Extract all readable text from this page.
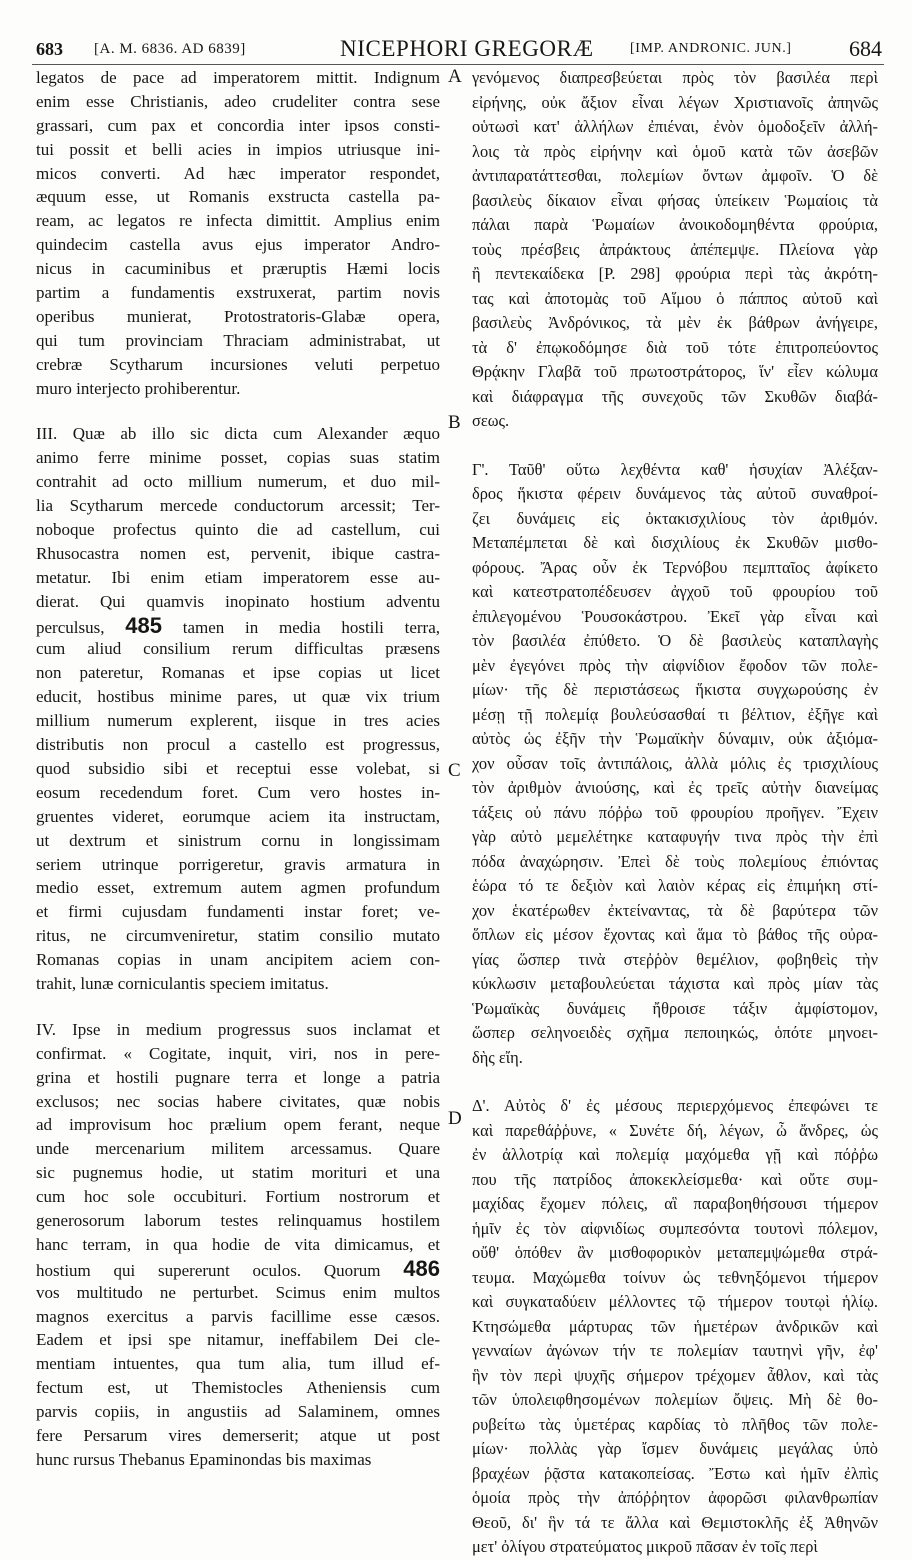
683 [A. M. 6836. AD 6839]	NICEPHORI GREGORÆ	[IMP. ANDRONIC. JUN.]	684
A
B
C
D
legatos de pace ad imperatorem mittit. Indignum
enim esse Christianis, adeo crudeliter contra sese
grassari, cum pax et concordia inter ipsos consti-
tui possit et belli acies in impios utriusque ini-
micos converti. Ad hæc imperator respondet,
æquum esse, ut Romanis exstructa castella pa-
ream, ac legatos re infecta dimittit. Amplius enim
quindecim castella avus ejus imperator Andro-
nicus in cacuminibus et præruptis Hæmi locis
partim a fundamentis exstruxerat, partim novis
operibus munierat, Protostratoris-Glabæ opera,
qui tum provinciam Thraciam administrabat, ut
crebræ Scytharum incursiones veluti perpetuo
muro interjecto prohiberentur.
III. Quæ ab illo sic dicta cum Alexander æquo
animo ferre minime posset, copias suas statim
contrahit ad octo millium numerum, et duo mil-
lia Scytharum mercede conductorum arcessit; Ter-
noboque profectus quinto die ad castellum, cui
Rhusocastra nomen est, pervenit, ibique castra-
metatur. Ibi enim etiam imperatorem esse au-
dierat. Qui quamvis inopinato hostium adventu
perculsus, 485 tamen in media hostili terra,
cum aliud consilium rerum difficultas præsens
non pateretur, Romanas et ipse copias ut licet
educit, hostibus minime pares, ut quæ vix trium
millium numerum explerent, iisque in tres acies
distributis non procul a castello est progressus,
quod subsidio sibi et receptui esse volebat, si
eosum recedendum foret. Cum vero hostes in-
gruentes videret, eorumque aciem ita instructam,
ut dextrum et sinistrum cornu in longissimam
seriem utrinque porrigeretur, gravis armatura in
medio esset, extremum autem agmen profundum
et firmi cujusdam fundamenti instar foret; ve-
ritus, ne circumveniretur, statim consilio mutato
Romanas copias in unam ancipitem aciem con-
trahit, lunæ corniculantis speciem imitatus.
IV. Ipse in medium progressus suos inclamat et
confirmat. « Cogitate, inquit, viri, nos in pere-
grina et hostili pugnare terra et longe a patria
exclusos; nec socias habere civitates, quæ nobis
ad improvisum hoc prælium opem ferant, neque
unde mercenarium militem arcessamus. Quare
sic pugnemus hodie, ut statim morituri et una
cum hoc sole occubituri. Fortium nostrorum et
generosorum laborum testes relinquamus hostilem
hanc terram, in qua hodie de vita dimicamus, et
hostium qui supererunt oculos. Quorum 486
vos multitudo ne perturbet. Scimus enim multos
magnos exercitus a parvis facillime esse cæsos.
Eadem et ipsi spe nitamur, ineffabilem Dei cle-
mentiam intuentes, qua tum alia, tum illud ef-
fectum est, ut Themistocles Atheniensis cum
parvis copiis, in angustiis ad Salaminem, omnes
fere Persarum vires demerserit; atque ut post
hunc rursus Thebanus Epaminondas bis maximas
γενόμενος διαπρεσβεύεται πρὸς τὸν βασιλέα περὶ
εἰρήνης, οὐκ ἄξιον εἶναι λέγων Χριστιανοῖς ἀπηνῶς
οὑτωσὶ κατ' ἀλλήλων ἐπιέναι, ἐνὸν ὁμοδοξεῖν ἀλλή-
λοις τὰ πρὸς εἰρήνην καὶ ὁμοῦ κατὰ τῶν ἀσεβῶν
ἀντιπαρατάττεσθαι, πολεμίων ὄντων ἀμφοῖν. Ὁ δὲ
βασιλεὺς δίκαιον εἶναι φήσας ὑπείκειν Ῥωμαίοις τὰ
πάλαι παρὰ Ῥωμαίων ἀνοικοδομηθέντα φρούρια,
τοὺς πρέσβεις ἀπράκτους ἀπέπεμψε. Πλείονα γὰρ
ἢ πεντεκαίδεκα [P. 298] φρούρια περὶ τὰς ἀκρότη-
τας καὶ ἀποτομὰς τοῦ Αἵμου ὁ πάππος αὐτοῦ καὶ
βασιλεὺς Ἀνδρόνικος, τὰ μὲν ἐκ βάθρων ἀνήγειρε,
τὰ δ' ἐπῳκοδόμησε διὰ τοῦ τότε ἐπιτροπεύοντος
Θρᾴκην Γλαβᾶ τοῦ πρωτοστράτορος, ἵν' εἶεν κώλυμα
καὶ διάφραγμα τῆς συνεχοῦς τῶν Σκυθῶν διαβά-
σεως.
Γ'. Ταῦθ' οὕτω λεχθέντα καθ' ἡσυχίαν Ἀλέξαν-
δρος ἥκιστα φέρειν δυνάμενος τὰς αὐτοῦ συναθροί-
ζει δυνάμεις εἰς ὀκτακισχιλίους τὸν ἀριθμόν.
Μεταπέμπεται δὲ καὶ δισχιλίους ἐκ Σκυθῶν μισθο-
φόρους. Ἄρας οὖν ἐκ Τερνόβου πεμπταῖος ἀφίκετο
καὶ κατεστρατοπέδευσεν ἀγχοῦ τοῦ φρουρίου τοῦ
ἐπιλεγομένου Ῥουσοκάστρου. Ἐκεῖ γὰρ εἶναι καὶ
τὸν βασιλέα ἐπύθετο. Ὁ δὲ βασιλεὺς καταπλαγὴς
μὲν ἐγεγόνει πρὸς τὴν αἰφνίδιον ἔφοδον τῶν πολε-
μίων· τῆς δὲ περιστάσεως ἥκιστα συγχωρούσης ἐν
μέσῃ τῇ πολεμίᾳ βουλεύσασθαί τι βέλτιον, ἐξῆγε καὶ
αὐτὸς ὡς ἐξῆν τὴν Ῥωμαϊκὴν δύναμιν, οὐκ ἀξιόμα-
χον οὖσαν τοῖς ἀντιπάλοις, ἀλλὰ μόλις ἐς τρισχιλίους
τὸν ἀριθμὸν ἀνιούσης, καὶ ἐς τρεῖς αὐτὴν διανείμας
τάξεις οὐ πάνυ πόῤῥω τοῦ φρουρίου προῆγεν. Ἔχειν
γὰρ αὐτὸ μεμελέτηκε καταφυγήν τινα πρὸς τὴν ἐπὶ
πόδα ἀναχώρησιν. Ἐπεὶ δὲ τοὺς πολεμίους ἐπιόντας
ἑώρα τό τε δεξιὸν καὶ λαιὸν κέρας εἰς ἐπιμήκη στί-
χον ἑκατέρωθεν ἐκτείναντας, τὰ δὲ βαρύτερα τῶν
ὅπλων εἰς μέσον ἔχοντας καὶ ἅμα τὸ βάθος τῆς οὐρα-
γίας ὥσπερ τινὰ στεῤῥὸν θεμέλιον, φοβηθεὶς τὴν
κύκλωσιν μεταβουλεύεται τάχιστα καὶ πρὸς μίαν τὰς
Ῥωμαϊκὰς δυνάμεις ἤθροισε τάξιν ἀμφίστομον,
ὥσπερ σεληνοειδὲς σχῆμα πεποιηκώς, ὁπότε μηνοει-
δὴς εἴη.
Δ'. Αὐτὸς δ' ἐς μέσους περιερχόμενος ἐπεφώνει τε
καὶ παρεθάῤῥυνε, « Συνέτε δή, λέγων, ὦ ἄνδρες, ὡς
ἐν ἀλλοτρίᾳ καὶ πολεμίᾳ μαχόμεθα γῇ καὶ πόῤῥω
που τῆς πατρίδος ἀποκεκλείσμεθα· καὶ οὔτε συμ-
μαχίδας ἔχομεν πόλεις, αἳ παραβοηθήσουσι τήμερον
ἡμῖν ἐς τὸν αἰφνιδίως συμπεσόντα τουτονὶ πόλεμον,
οὔθ' ὁπόθεν ἂν μισθοφορικὸν μεταπεμψώμεθα στρά-
τευμα. Μαχώμεθα τοίνυν ὡς τεθνηξόμενοι τήμερον
καὶ συγκαταδύειν μέλλοντες τῷ τήμερον τουτῳὶ ἡλίῳ.
Κτησώμεθα μάρτυρας τῶν ἡμετέρων ἀνδρικῶν καὶ
γενναίων ἀγώνων τήν τε πολεμίαν ταυτηνὶ γῆν, ἐφ'
ἣν τὸν περὶ ψυχῆς σήμερον τρέχομεν ἆθλον, καὶ τὰς
τῶν ὑπολειφθησομένων πολεμίων ὄψεις. Μὴ δὲ θο-
ρυβείτω τὰς ὑμετέρας καρδίας τὸ πλῆθος τῶν πολε-
μίων· πολλὰς γὰρ ἴσμεν δυνάμεις μεγάλας ὑπὸ
βραχέων ῥᾷστα κατακοπείσας. Ἔστω καὶ ἡμῖν ἐλπὶς
ὁμοία πρὸς τὴν ἀπόῤῥητον ἀφορῶσι φιλανθρωπίαν
Θεοῦ, δι' ἣν τά τε ἄλλα καὶ Θεμιστοκλῆς ἐξ Ἀθηνῶν
μετ' ὀλίγου στρατεύματος μικροῦ πᾶσαν ἐν τοῖς περὶ
